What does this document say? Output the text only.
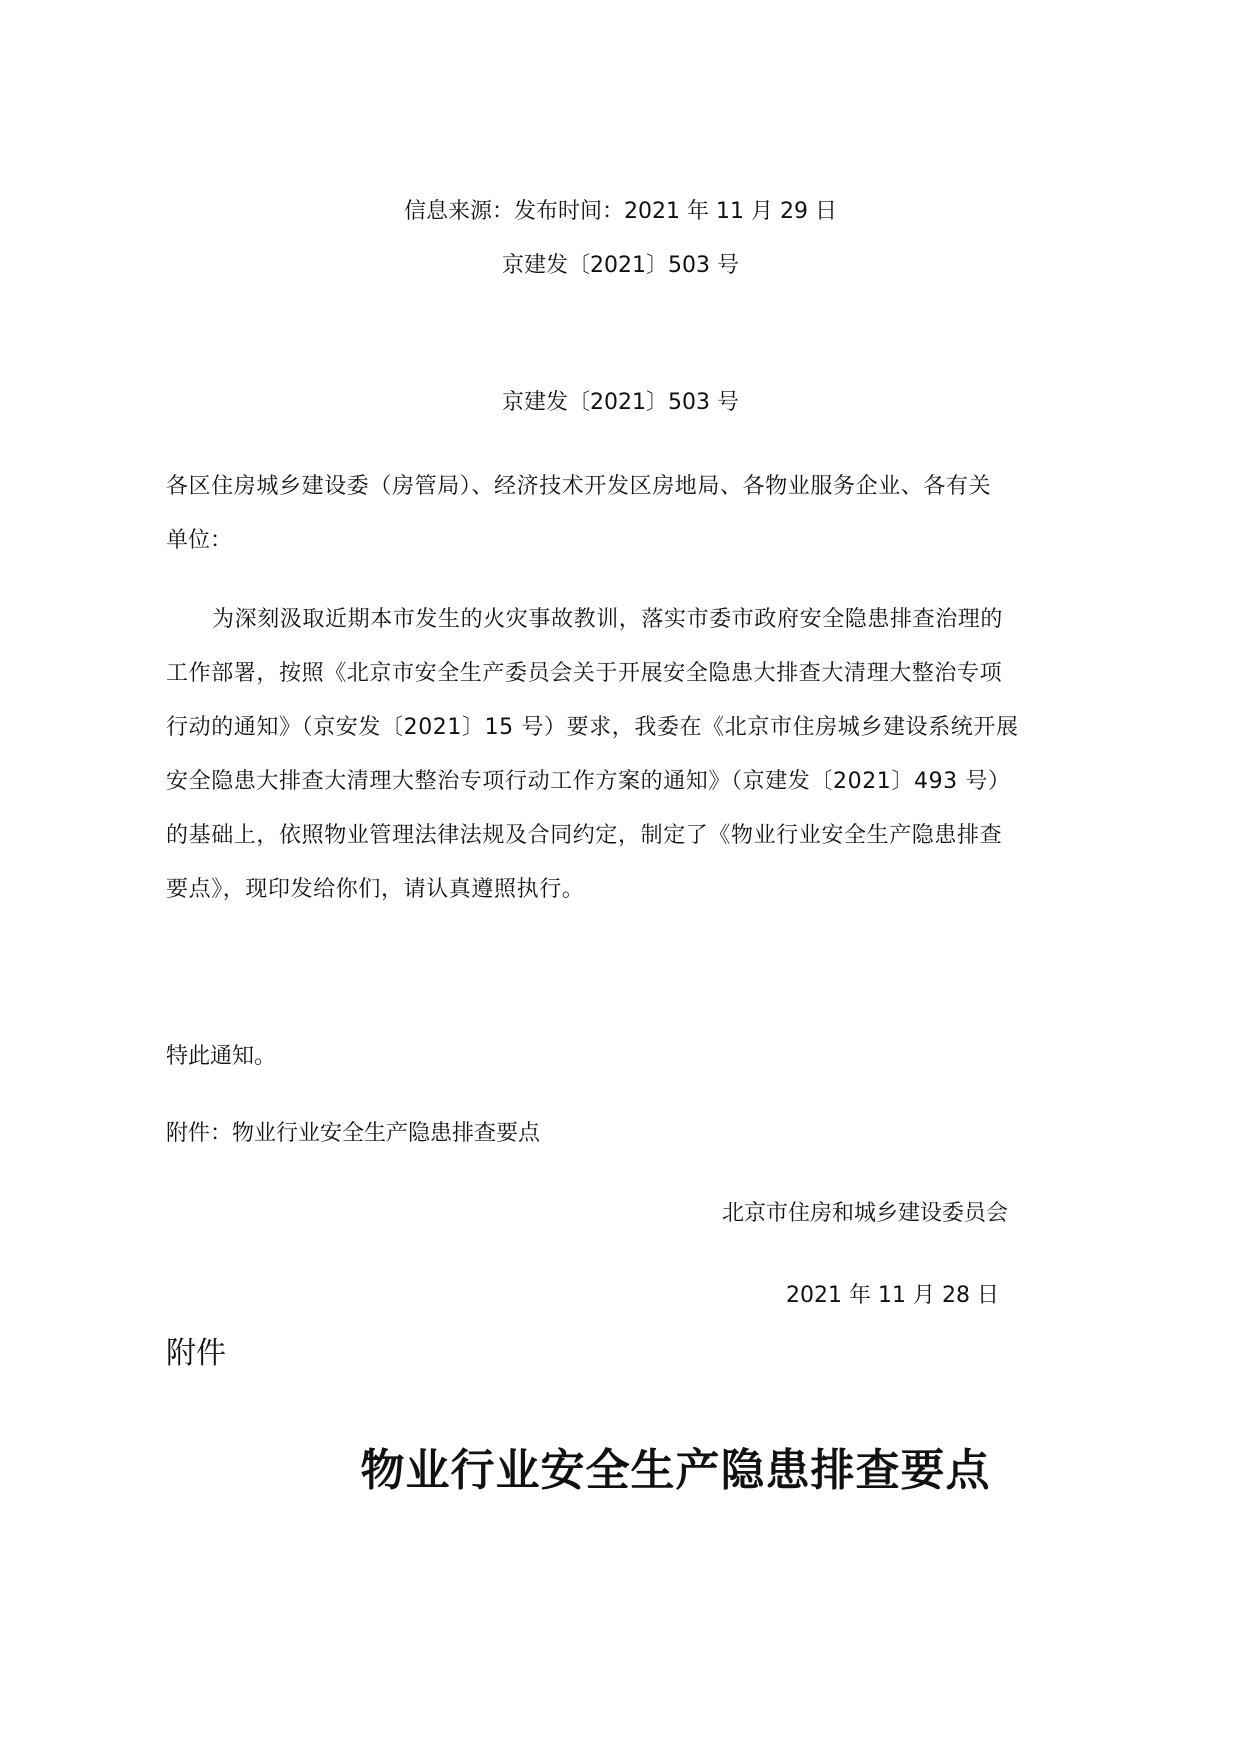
信息来源：发布时间：2021 年 11 月 29 日
京建发〔2021〕503 号
京建发〔2021〕503 号
各区住房城乡建设委（房管局）、经济技术开发区房地局、各物业服务企业、各有关
单位：
为深刻汲取近期本市发生的火灾事故教训，落实市委市政府安全隐患排查治理的
工作部署，按照《北京市安全生产委员会关于开展安全隐患大排查大清理大整治专项
行动的通知》（京安发〔2021〕15 号）要求，我委在《北京市住房城乡建设系统开展
安全隐患大排查大清理大整治专项行动工作方案的通知》（京建发〔2021〕493 号）
的基础上，依照物业管理法律法规及合同约定，制定了《物业行业安全生产隐患排查
要点》，现印发给你们，请认真遵照执行。
特此通知。
附件：物业行业安全生产隐患排查要点
北京市住房和城乡建设委员会
2021 年 11 月 28 日
附件
物业行业安全生产隐患排查要点
